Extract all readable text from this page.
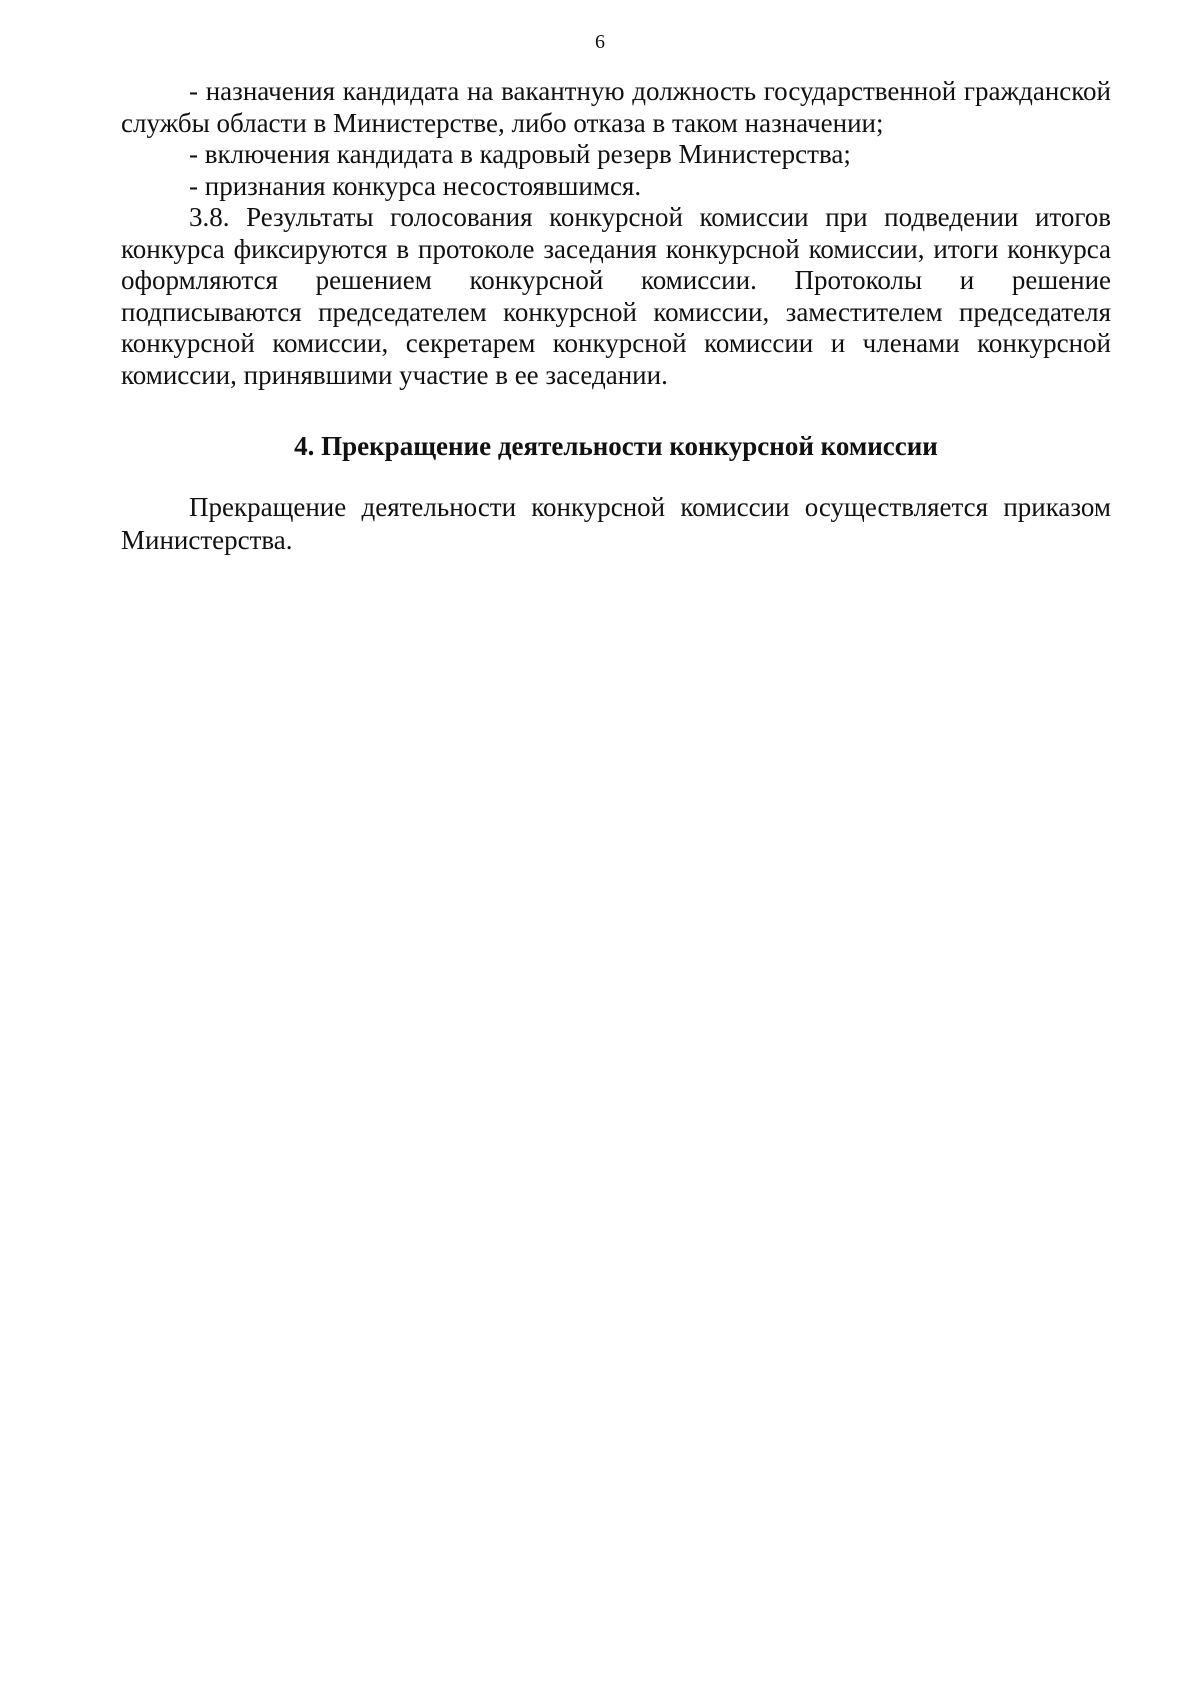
6

- назначения кандидата на вакантную должность государственной гражданской службы области в Министерстве, либо отказа в таком назначении;

- включения кандидата в кадровый резерв Министерства;

- признания конкурса несостоявшимся.

3.8. Результаты голосования конкурсной комиссии при подведении итогов конкурса фиксируются в протоколе заседания конкурсной комиссии, итоги конкурса оформляются решением конкурсной комиссии. Протоколы и решение подписываются председателем конкурсной комиссии, заместителем председателя конкурсной комиссии, секретарем конкурсной комиссии и членами конкурсной комиссии, принявшими участие в ее заседании.

4. Прекращение деятельности конкурсной комиссии

Прекращение деятельности конкурсной комиссии осуществляется приказом Министерства.
